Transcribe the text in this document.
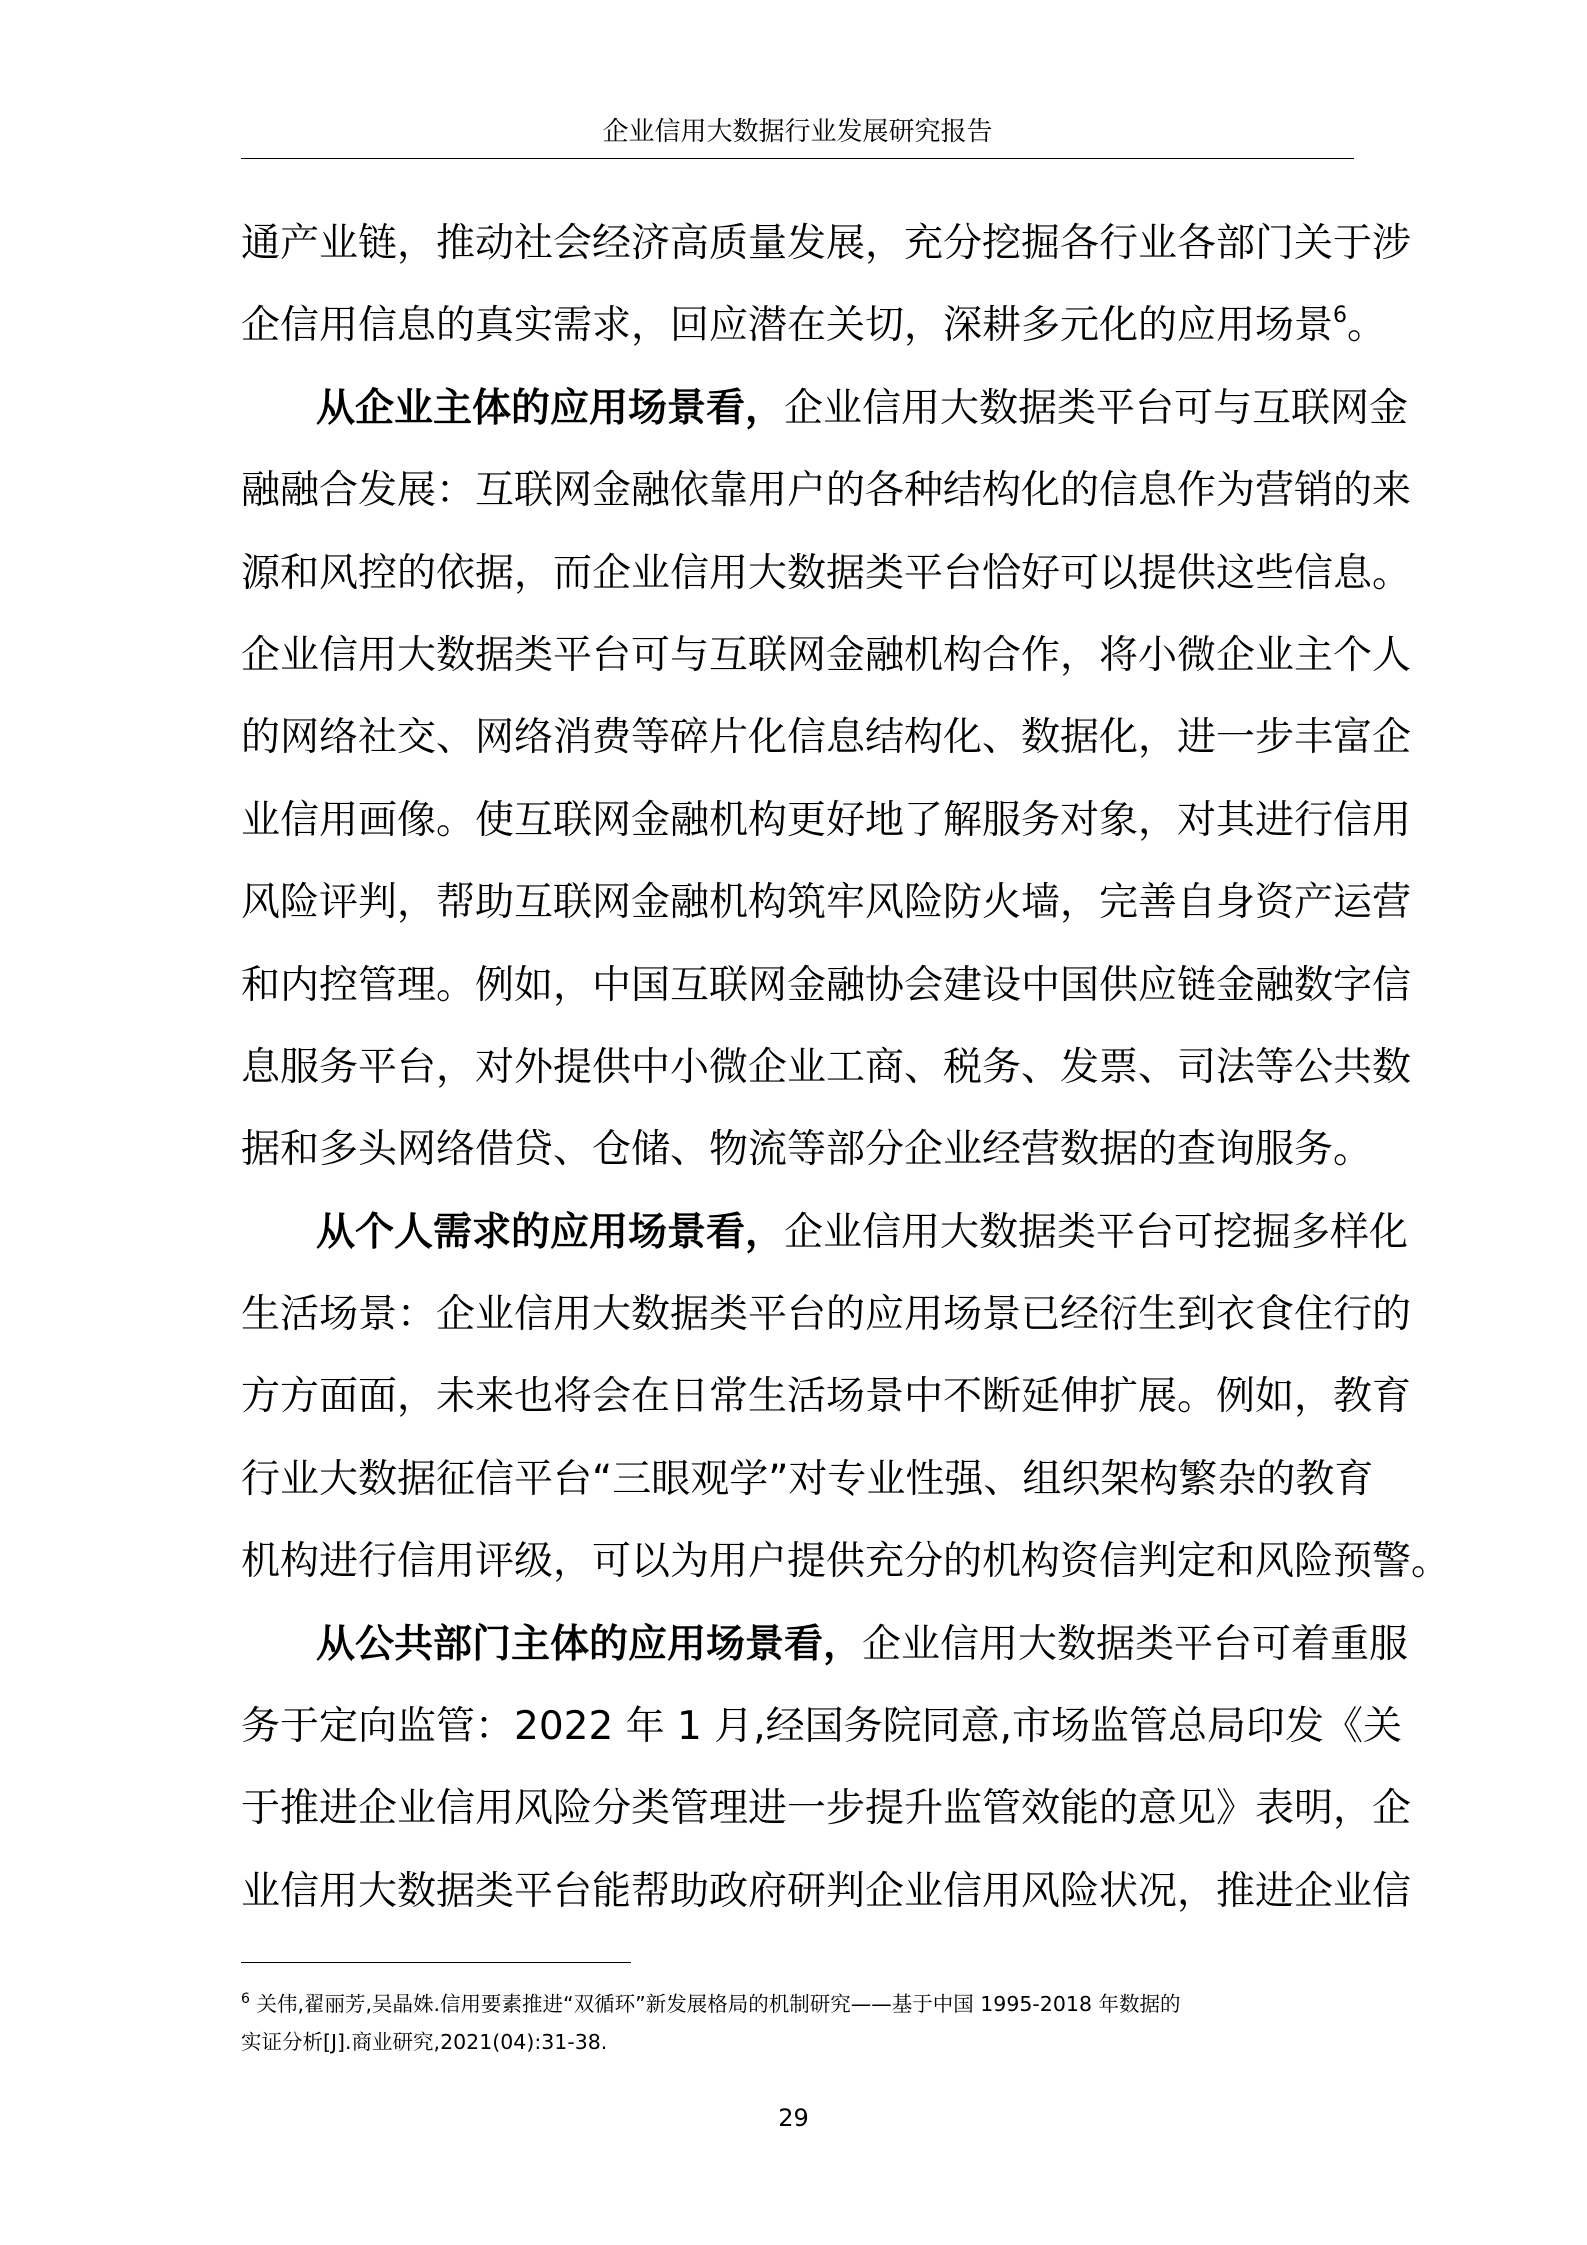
企业信用大数据行业发展研究报告
通产业链，推动社会经济高质量发展，充分挖掘各行业各部门关于涉
企信用信息的真实需求，回应潜在关切，深耕多元化的应用场景$^6$。
从企业主体的应用场景看，企业信用大数据类平台可与互联网金
融融合发展：互联网金融依靠用户的各种结构化的信息作为营销的来
源和风控的依据，而企业信用大数据类平台恰好可以提供这些信息。
企业信用大数据类平台可与互联网金融机构合作，将小微企业主个人
的网络社交、网络消费等碎片化信息结构化、数据化，进一步丰富企
业信用画像。使互联网金融机构更好地了解服务对象，对其进行信用
风险评判，帮助互联网金融机构筑牢风险防火墙，完善自身资产运营
和内控管理。例如，中国互联网金融协会建设中国供应链金融数字信
息服务平台，对外提供中小微企业工商、税务、发票、司法等公共数
据和多头网络借贷、仓储、物流等部分企业经营数据的查询服务。
从个人需求的应用场景看，企业信用大数据类平台可挖掘多样化
生活场景：企业信用大数据类平台的应用场景已经衍生到衣食住行的
方方面面，未来也将会在日常生活场景中不断延伸扩展。例如，教育
行业大数据征信平台“三眼观学”对专业性强、组织架构繁杂的教育
机构进行信用评级，可以为用户提供充分的机构资信判定和风险预警。
从公共部门主体的应用场景看，企业信用大数据类平台可着重服
务于定向监管：2022 年 1 月,经国务院同意,市场监管总局印发《关
于推进企业信用风险分类管理进一步提升监管效能的意见》表明，企
业信用大数据类平台能帮助政府研判企业信用风险状况，推进企业信
$^6$ 关伟,翟丽芳,吴晶姝.信用要素推进“双循环”新发展格局的机制研究——基于中国 1995-2018 年数据的
实证分析[J].商业研究,2021(04):31-38.
29
